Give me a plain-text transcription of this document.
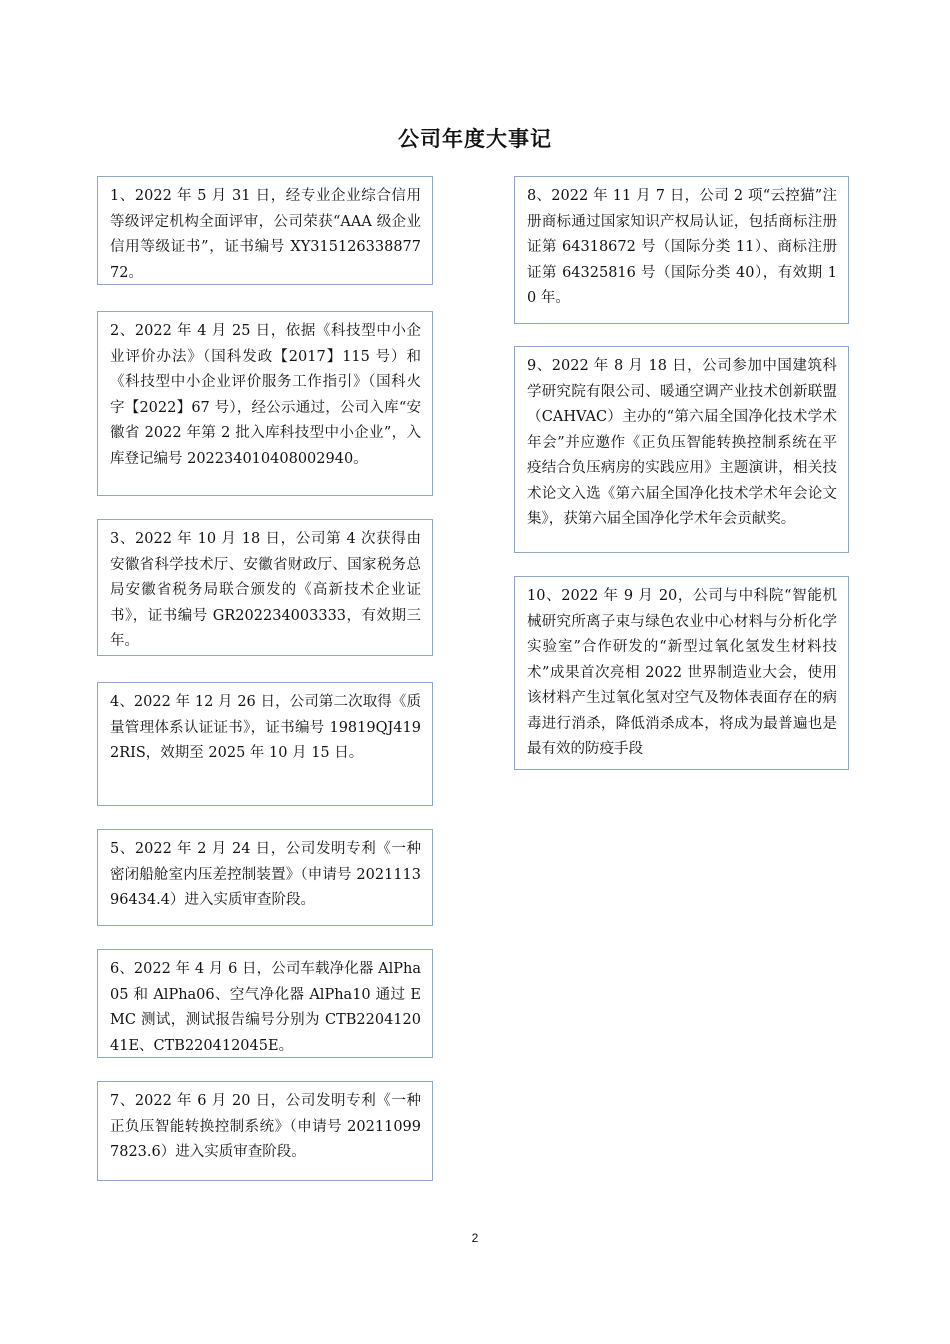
公司年度大事记

1、2022 年 5 月 31 日，经专业企业综合信用等级评定机构全面评审，公司荣获“AAA 级企业信用等级证书”，证书编号 XY31512633887772。

2、2022 年 4 月 25 日，依据《科技型中小企业评价办法》（国科发政【2017】115 号）和《科技型中小企业评价服务工作指引》（国科火字【2022】67 号），经公示通过，公司入库“安徽省 2022 年第 2 批入库科技型中小企业”，入库登记编号 202234010408002940。

3、2022 年 10 月 18 日，公司第 4 次获得由安徽省科学技术厅、安徽省财政厅、国家税务总局安徽省税务局联合颁发的《高新技术企业证书》，证书编号 GR202234003333，有效期三年。

4、2022 年 12 月 26 日，公司第二次取得《质量管理体系认证证书》，证书编号 19819QJ4192RIS，效期至 2025 年 10 月 15 日。

5、2022 年 2 月 24 日，公司发明专利《一种密闭船舱室内压差控制装置》（申请号 202111396434.4）进入实质审查阶段。

6、2022 年 4 月 6 日，公司车载净化器 AlPha05 和 AlPha06、空气净化器 AlPha10 通过 EMC 测试，测试报告编号分别为 CTB220412041E、CTB220412045E。

7、2022 年 6 月 20 日，公司发明专利《一种正负压智能转换控制系统》（申请号 202110997823.6）进入实质审查阶段。

8、2022 年 11 月 7 日，公司 2 项“云控猫”注册商标通过国家知识产权局认证，包括商标注册证第 64318672 号（国际分类 11）、商标注册证第 64325816 号（国际分类 40），有效期 10 年。

9、2022 年 8 月 18 日，公司参加中国建筑科学研究院有限公司、暖通空调产业技术创新联盟（CAHVAC）主办的“第六届全国净化技术学术年会”并应邀作《正负压智能转换控制系统在平疫结合负压病房的实践应用》主题演讲，相关技术论文入选《第六届全国净化技术学术年会论文集》，获第六届全国净化学术年会贡献奖。

10、2022 年 9 月 20，公司与中科院“智能机械研究所离子束与绿色农业中心材料与分析化学实验室”合作研发的“新型过氧化氢发生材料技术”成果首次亮相 2022 世界制造业大会，使用该材料产生过氧化氢对空气及物体表面存在的病毒进行消杀，降低消杀成本，将成为最普遍也是最有效的防疫手段

2
